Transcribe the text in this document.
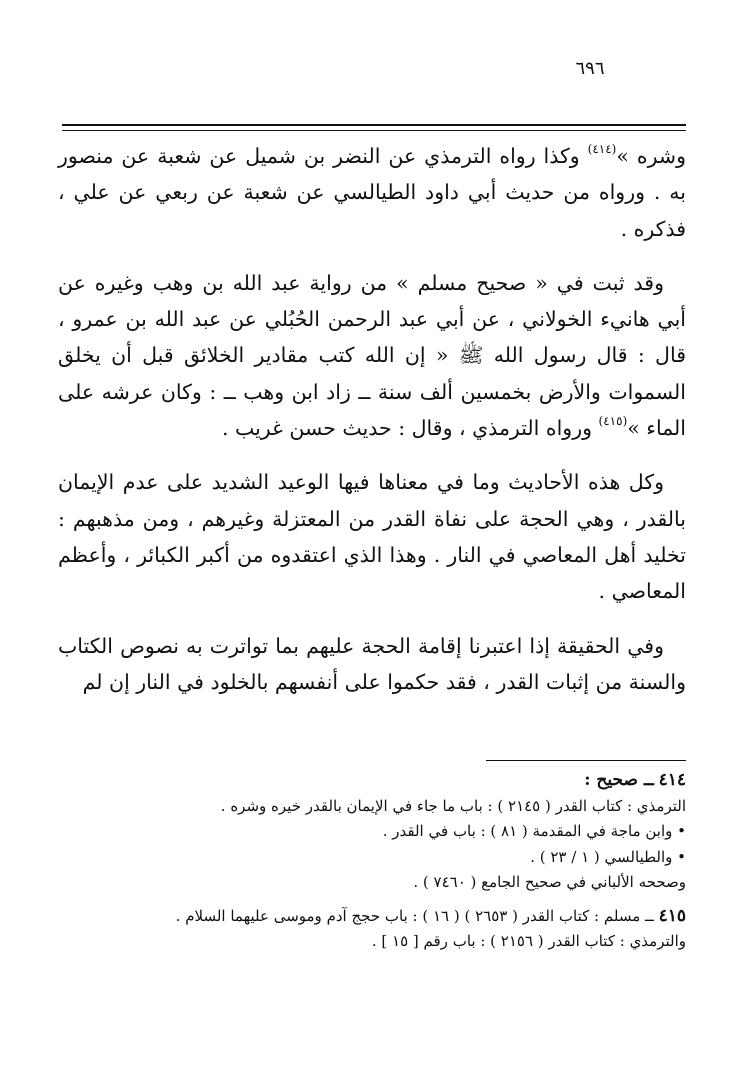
٦٩٦

وشره »$^{(٤١٤)}$ وكذا رواه الترمذي عن النضر بن شميل عن شعبة عن منصور به . ورواه من حديث أبي داود الطيالسي عن شعبة عن ربعي عن علي ، فذكره .

وقد ثبت في « صحيح مسلم » من رواية عبد الله بن وهب وغيره عن أبي هانيء الخولاني ، عن أبي عبد الرحمن الحُبُلي عن عبد الله بن عمرو ، قال : قال رسول الله ﷺ « إن الله كتب مقادير الخلائق قبل أن يخلق السموات والأرض بخمسين ألف سنة ــ زاد ابن وهب ــ : وكان عرشه على الماء »$^{(٤١٥)}$ ورواه الترمذي ، وقال : حديث حسن غريب .

وكل هذه الأحاديث وما في معناها فيها الوعيد الشديد على عدم الإيمان بالقدر ، وهي الحجة على نفاة القدر من المعتزلة وغيرهم ، ومن مذهبهم : تخليد أهل المعاصي في النار . وهذا الذي اعتقدوه من أكبر الكبائر ، وأعظم المعاصي .

وفي الحقيقة إذا اعتبرنا إقامة الحجة عليهم بما تواترت به نصوص الكتاب والسنة من إثبات القدر ، فقد حكموا على أنفسهم بالخلود في النار إن لم

٤١٤ ــ صحيح :
الترمذي : كتاب القدر ( ٢١٤٥ ) : باب ما جاء في الإيمان بالقدر خيره وشره .
• وابن ماجة في المقدمة ( ٨١ ) : باب في القدر .
• والطيالسي ( ١ / ٢٣ ) .
وصححه الألباني في صحيح الجامع ( ٧٤٦٠ ) .
٤١٥ ــ مسلم : كتاب القدر ( ٢٦٥٣ ) ( ١٦ ) : باب حجج آدم وموسى عليهما السلام .
والترمذي : كتاب القدر ( ٢١٥٦ ) : باب رقم [ ١٥ ] .
